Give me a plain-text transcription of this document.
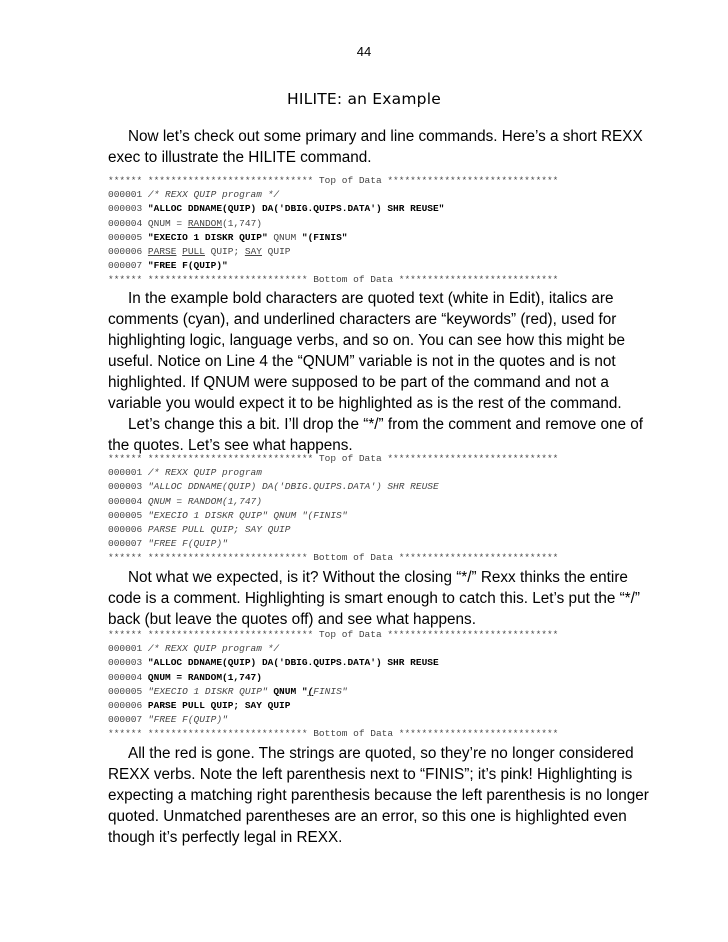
44
HILITE: an Example
Now let’s check out some primary and line commands. Here’s a short REXX
exec to illustrate the HILITE command.
****** ***************************** Top of Data ******************************
000001 /* REXX QUIP program */
000003 "ALLOC DDNAME(QUIP) DA('DBIG.QUIPS.DATA') SHR REUSE"
000004 QNUM = RANDOM(1,747)
000005 "EXECIO 1 DISKR QUIP" QNUM "(FINIS"
000006 PARSE PULL QUIP; SAY QUIP
000007 "FREE F(QUIP)"
****** **************************** Bottom of Data ****************************
In the example bold characters are quoted text (white in Edit), italics are
comments (cyan), and underlined characters are “keywords” (red), used for
highlighting logic, language verbs, and so on. You can see how this might be
useful. Notice on Line 4 the “QNUM” variable is not in the quotes and is not
highlighted. If QNUM were supposed to be part of the command and not a
variable you would expect it to be highlighted as is the rest of the command.
Let’s change this a bit. I’ll drop the “*/” from the comment and remove one of
the quotes. Let’s see what happens.
****** ***************************** Top of Data ******************************
000001 /* REXX QUIP program
000003 "ALLOC DDNAME(QUIP) DA('DBIG.QUIPS.DATA') SHR REUSE
000004 QNUM = RANDOM(1,747)
000005 "EXECIO 1 DISKR QUIP" QNUM "(FINIS"
000006 PARSE PULL QUIP; SAY QUIP
000007 "FREE F(QUIP)"
****** **************************** Bottom of Data ****************************
Not what we expected, is it? Without the closing “*/” Rexx thinks the entire
code is a comment. Highlighting is smart enough to catch this. Let’s put the “*/”
back (but leave the quotes off) and see what happens.
****** ***************************** Top of Data ******************************
000001 /* REXX QUIP program */
000003 "ALLOC DDNAME(QUIP) DA('DBIG.QUIPS.DATA') SHR REUSE
000004 QNUM = RANDOM(1,747)
000005 "EXECIO 1 DISKR QUIP" QNUM "(FINIS"
000006 PARSE PULL QUIP; SAY QUIP
000007 "FREE F(QUIP)"
****** **************************** Bottom of Data ****************************
All the red is gone. The strings are quoted, so they’re no longer considered
REXX verbs. Note the left parenthesis next to “FINIS”; it’s pink! Highlighting is
expecting a matching right parenthesis because the left parenthesis is no longer
quoted. Unmatched parentheses are an error, so this one is highlighted even
though it’s perfectly legal in REXX.
